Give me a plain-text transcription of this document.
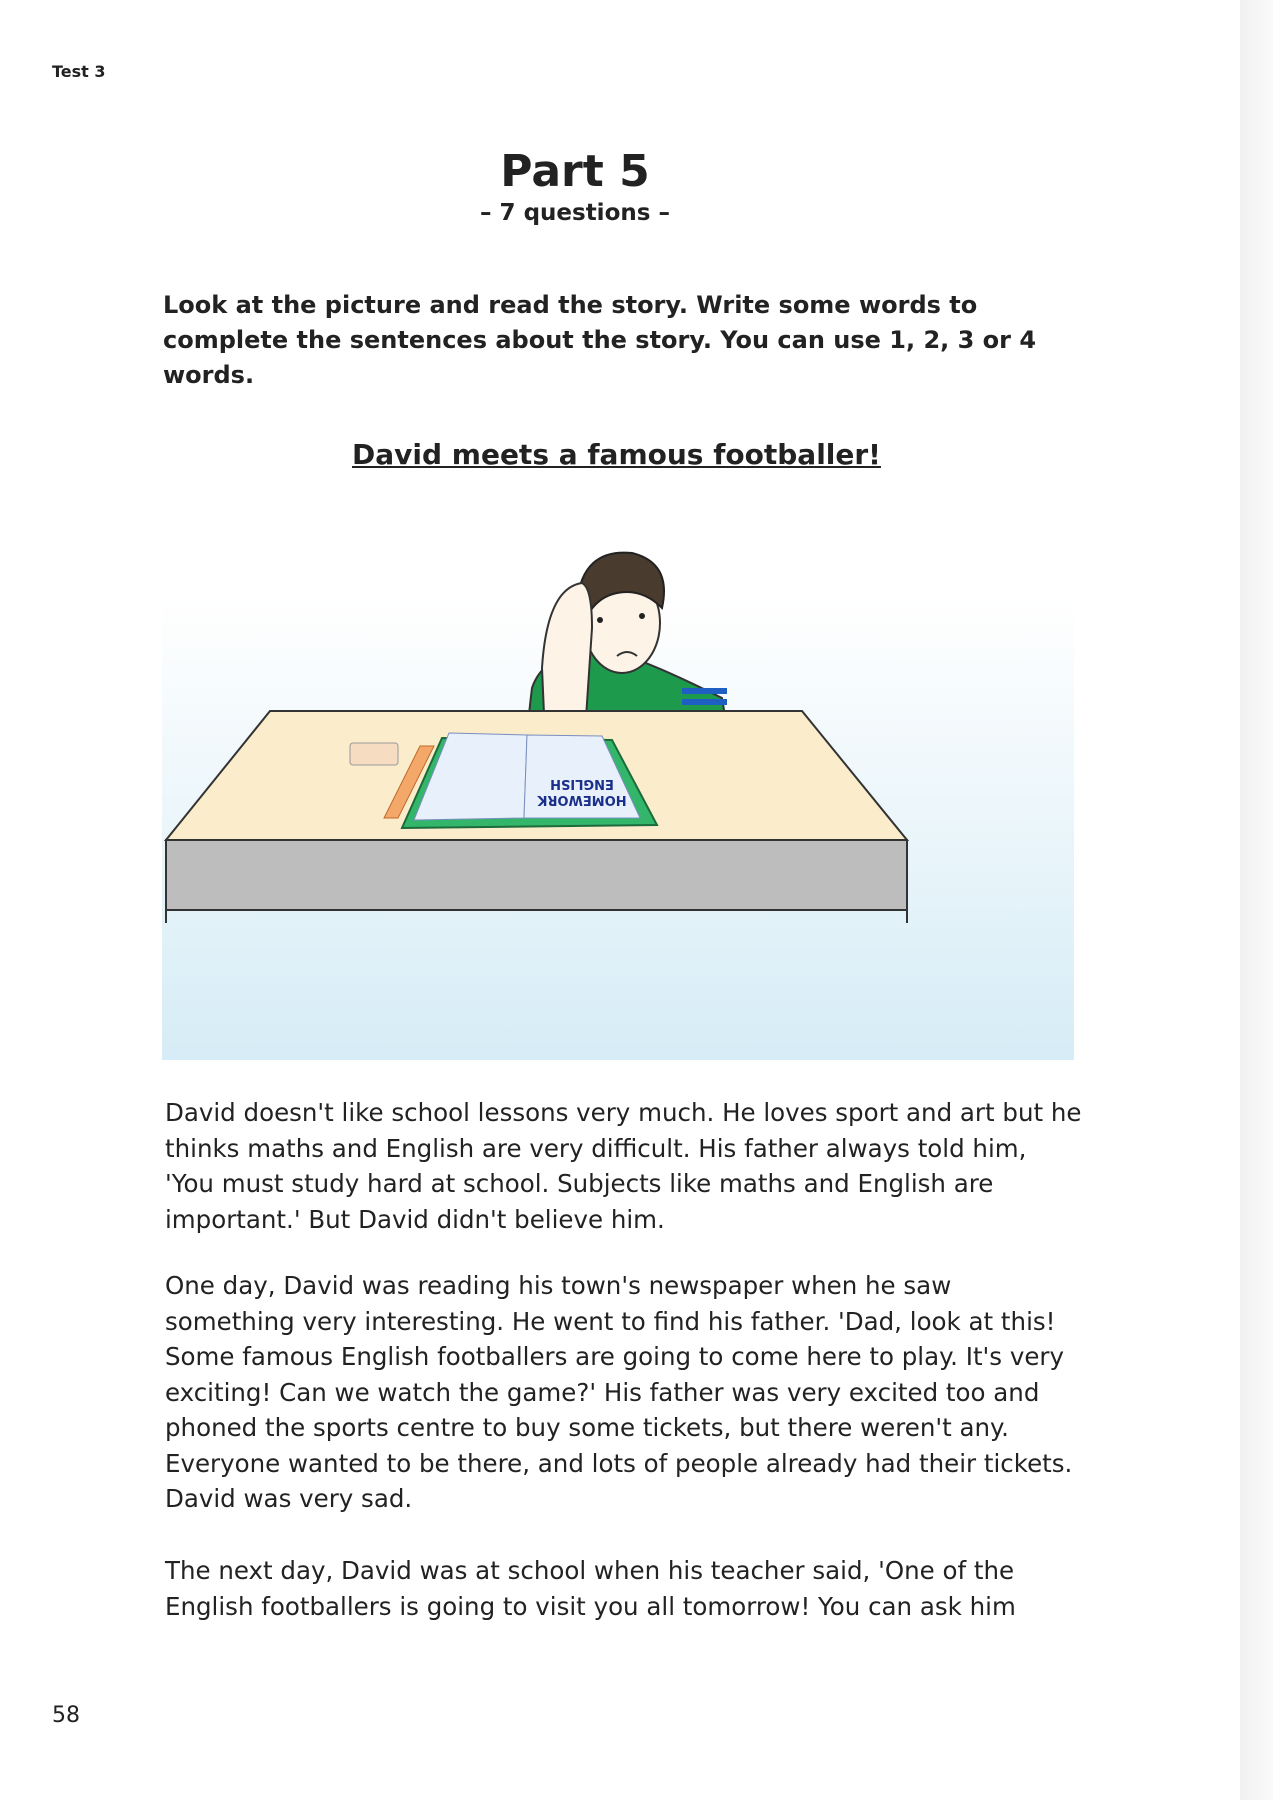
Test 3
Part 5
– 7 questions –
Look at the picture and read the story. Write some words to
complete the sentences about the story. You can use 1, 2, 3 or 4
words.
David meets a famous footballer!
HOMEWORK
ENGLISH
David doesn't like school lessons very much. He loves sport and art but he
thinks maths and English are very difficult. His father always told him,
'You must study hard at school. Subjects like maths and English are
important.' But David didn't believe him.
One day, David was reading his town's newspaper when he saw
something very interesting. He went to find his father. 'Dad, look at this!
Some famous English footballers are going to come here to play. It's very
exciting! Can we watch the game?' His father was very excited too and
phoned the sports centre to buy some tickets, but there weren't any.
Everyone wanted to be there, and lots of people already had their tickets.
David was very sad.
The next day, David was at school when his teacher said, 'One of the
English footballers is going to visit you all tomorrow! You can ask him
58
